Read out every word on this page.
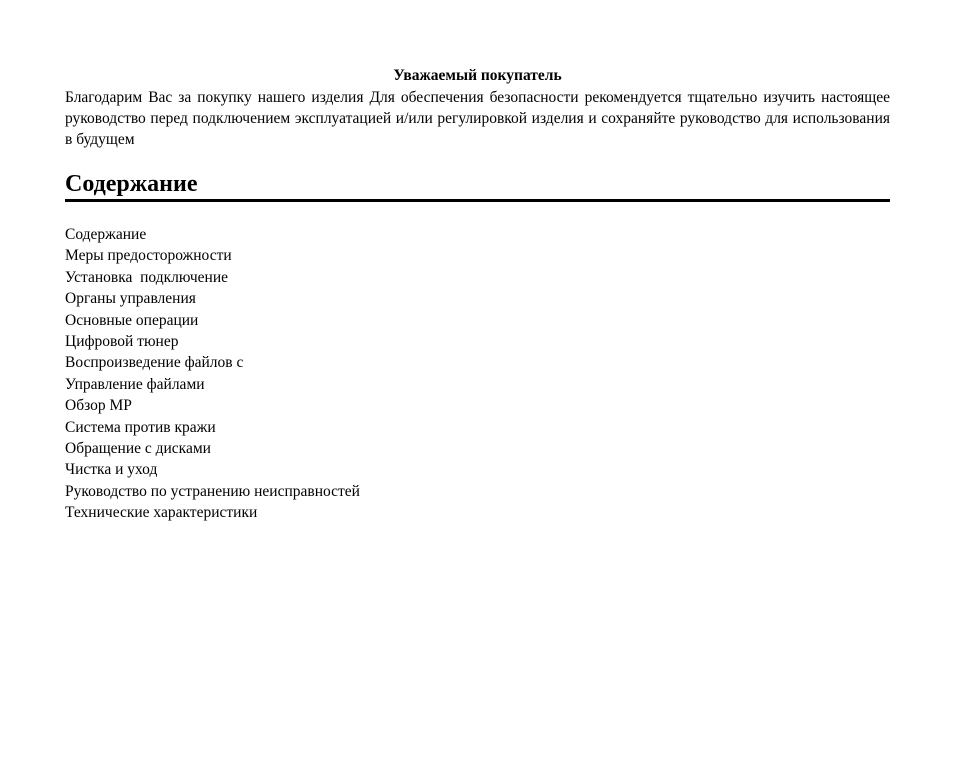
Уважаемый покупатель

Благодарим Вас за покупку нашего изделия Для обеспечения безопасности рекомендуется тщательно изучить настоящее руководство перед подключением эксплуатацией и/или регулировкой изделия и сохраняйте руководство для использования в будущем

Содержание
Содержание
Меры предосторожности
Установка  подключение
Органы управления
Основные операции
Цифровой тюнер
Воспроизведение файлов с
Управление файлами
Обзор MP
Система против кражи
Обращение с дисками
Чистка и уход
Руководство по устранению неисправностей
Технические характеристики
